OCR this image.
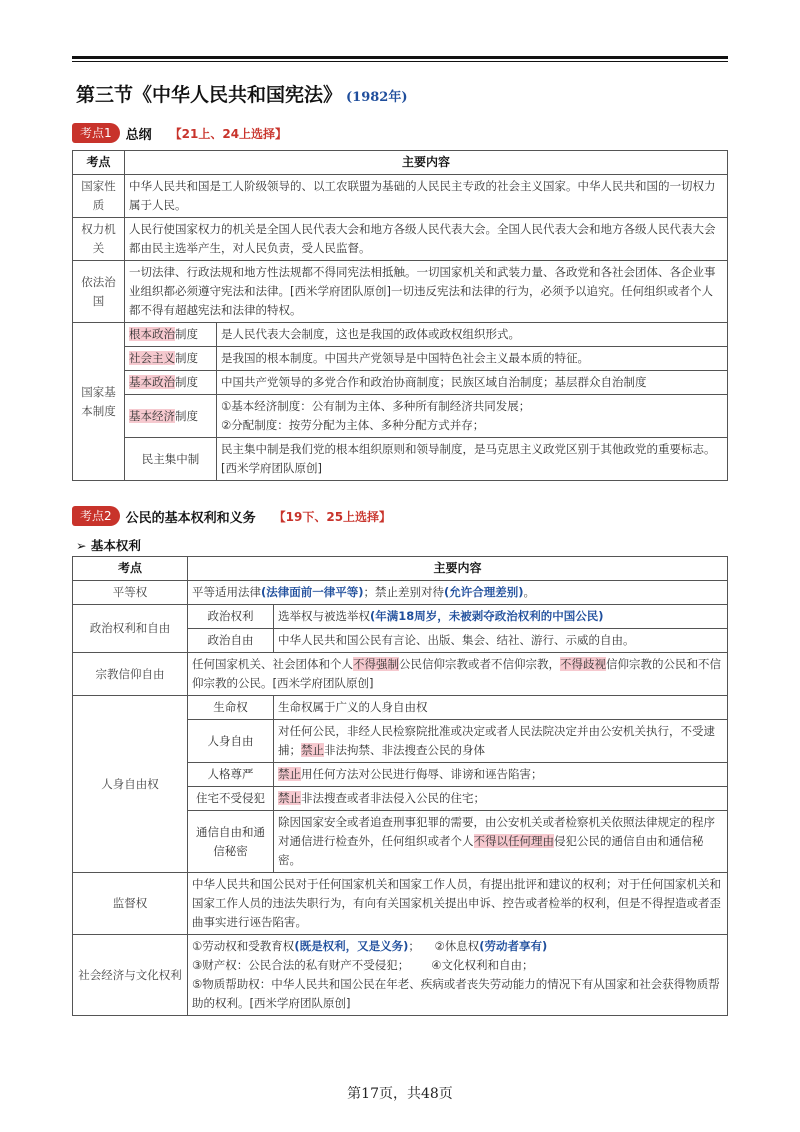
第三节《中华人民共和国宪法》 (1982年)
考点1	总纲 【21上、24上选择】
考点	主要内容	
国家性质	中华人民共和国是工人阶级领导的、以工农联盟为基础的人民民主专政的社会主义国家。中华人民共和国的一切权力属于人民。	
权力机关	人民行使国家权力的机关是全国人民代表大会和地方各级人民代表大会。全国人民代表大会和地方各级人民代表大会都由民主选举产生，对人民负责，受人民监督。	
依法治国	一切法律、行政法规和地方性法规都不得同宪法相抵触。一切国家机关和武装力量、各政党和各社会团体、各企业事业组织都必须遵守宪法和法律。[西米学府团队原创]一切违反宪法和法律的行为，必须予以追究。任何组织或者个人都不得有超越宪法和法律的特权。	
国家基本制度	根本政治制度	是人民代表大会制度，这也是我国的政体或政权组织形式。
	社会主义制度	是我国的根本制度。中国共产党领导是中国特色社会主义最本质的特征。
	基本政治制度	中国共产党领导的多党合作和政治协商制度；民族区域自治制度；基层群众自治制度
	基本经济制度	①基本经济制度：公有制为主体、多种所有制经济共同发展；
②分配制度：按劳分配为主体、多种分配方式并存；

	民主集中制	民主集中制是我们党的根本组织原则和领导制度，是马克思主义政党区别于其他政党的重要标志。[西米学府团队原创]
考点2	公民的基本权利和义务 【19下、25上选择】
➢ 基本权利
考点	主要内容	
平等权	平等适用法律(法律面前一律平等)；禁止差别对待(允许合理差别)。	
政治权利和自由	政治权利	选举权与被选举权(年满18周岁，未被剥夺政治权利的中国公民)
	政治自由	中华人民共和国公民有言论、出版、集会、结社、游行、示威的自由。
宗教信仰自由	任何国家机关、社会团体和个人不得强制公民信仰宗教或者不信仰宗教，不得歧视信仰宗教的公民和不信仰宗教的公民。[西米学府团队原创]	
人身自由权	生命权	生命权属于广义的人身自由权
	人身自由	对任何公民，非经人民检察院批准或决定或者人民法院决定并由公安机关执行，不受逮捕；禁止非法拘禁、非法搜查公民的身体
	人格尊严	禁止用任何方法对公民进行侮辱、诽谤和诬告陷害；
	住宅不受侵犯	禁止非法搜查或者非法侵入公民的住宅；
	通信自由和通信秘密	除因国家安全或者追查刑事犯罪的需要，由公安机关或者检察机关依照法律规定的程序对通信进行检查外，任何组织或者个人不得以任何理由侵犯公民的通信自由和通信秘密。
监督权	中华人民共和国公民对于任何国家机关和国家工作人员，有提出批评和建议的权利；对于任何国家机关和国家工作人员的违法失职行为，有向有关国家机关提出申诉、控告或者检举的权利，但是不得捏造或者歪曲事实进行诬告陷害。	
社会经济与文化权利	①劳动权和受教育权(既是权利，又是义务)； ②休息权(劳动者享有)
③财产权：公民合法的私有财产不受侵犯； ④文化权利和自由；
⑤物质帮助权：中华人民共和国公民在年老、疾病或者丧失劳动能力的情况下有从国家和社会获得物质帮助的权利。[西米学府团队原创]	
第17页，共48页
